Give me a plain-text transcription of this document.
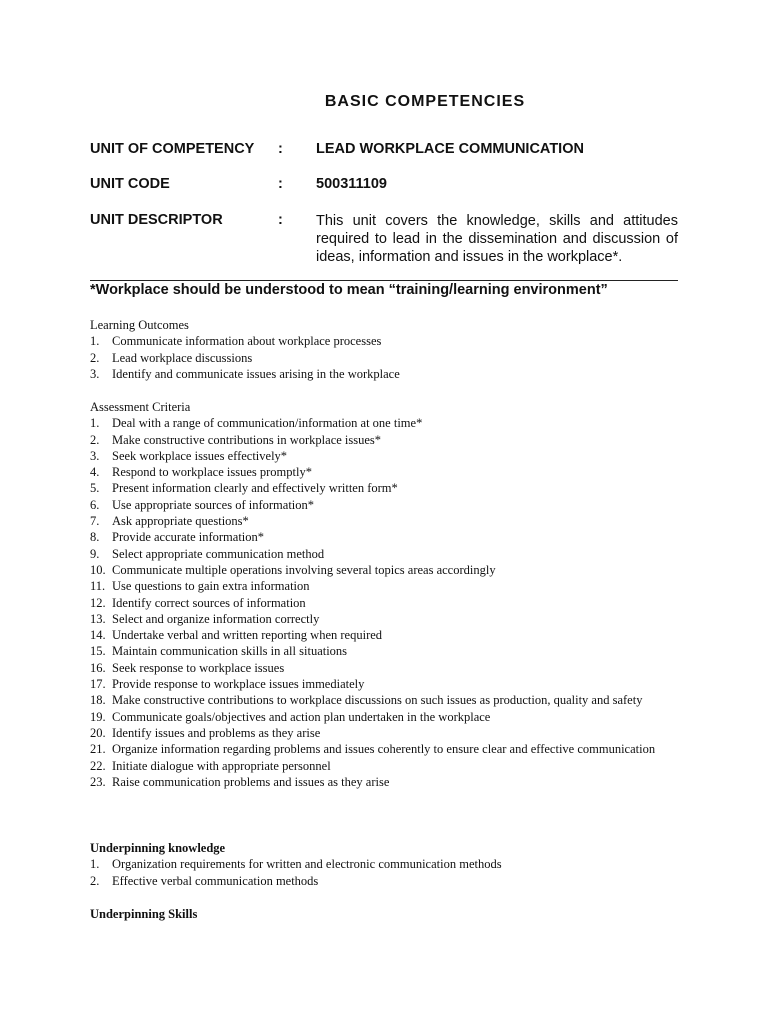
BASIC COMPETENCIES
UNIT OF COMPETENCY : LEAD WORKPLACE COMMUNICATION
UNIT CODE	: 500311109
UNIT DESCRIPTOR	: This unit covers the knowledge, skills and attitudes required to lead in the dissemination and discussion of ideas, information and issues in the workplace*.
*Workplace should be understood to mean “training/learning environment”

Learning Outcomes

1. Communicate information about workplace processes
2. Lead workplace discussions
3. Identify and communicate issues arising in the workplace

Assessment Criteria

1. Deal with a range of communication/information at one time*
2. Make constructive contributions in workplace issues*
3. Seek workplace issues effectively*
4. Respond to workplace issues promptly*
5. Present information clearly and effectively written form*
6. Use appropriate sources of information*
7. Ask appropriate questions*
8. Provide accurate information*
9. Select appropriate communication method
10. Communicate multiple operations involving several topics areas accordingly
11. Use questions to gain extra information
12. Identify correct sources of information
13. Select and organize information correctly
14. Undertake verbal and written reporting when required
15. Maintain communication skills in all situations
16. Seek response to workplace issues
17. Provide response to workplace issues immediately
18. Make constructive contributions to workplace discussions on such issues as production, quality and safety
19. Communicate goals/objectives and action plan undertaken in the workplace
20. Identify issues and problems as they arise
21. Organize information regarding problems and issues coherently to ensure clear and effective communication
22. Initiate dialogue with appropriate personnel
23. Raise communication problems and issues as they arise

Underpinning knowledge

1. Organization requirements for written and electronic communication methods
2. Effective verbal communication methods

Underpinning Skills
